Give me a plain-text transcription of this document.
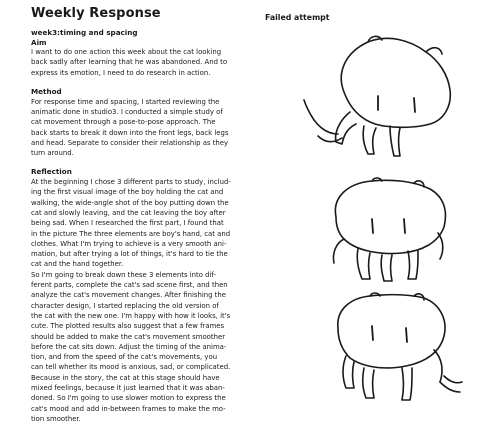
Weekly Response
week3:timing and spacing
Aim
I want to do one action this week about the cat looking
back sadly after learning that he was abandoned. And to
express its emotion, I need to do research in action.
Method
For response time and spacing, I started reviewing the
animatic done in studio3. I conducted a simple study of
cat movement through a pose-to-pose approach. The
back starts to break it down into the front legs, back legs
and head. Separate to consider their relationship as they
turn around.
Reflection
At the beginning I chose 3 different parts to study, includ-
ing the first visual image of the boy holding the cat and
walking, the wide-angle shot of the boy putting down the
cat and slowly leaving, and the cat leaving the boy after
being sad. When I researched the first part, I found that
in the picture The three elements are boy's hand, cat and
clothes. What I'm trying to achieve is a very smooth ani-
mation, but after trying a lot of things, it's hard to tie the
cat and the hand together.
So I'm going to break down these 3 elements into dif-
ferent parts, complete the cat's sad scene first, and then
analyze the cat's movement changes. After finishing the
character design, I started replacing the old version of
the cat with the new one. I'm happy with how it looks, it's
cute. The plotted results also suggest that a few frames
should be added to make the cat's movement smoother
before the cat sits down. Adjust the timing of the anima-
tion, and from the speed of the cat's movements, you
can tell whether its mood is anxious, sad, or complicated.
Because in the story, the cat at this stage should have
mixed feelings, because it just learned that it was aban-
doned. So I'm going to use slower motion to express the
cat's mood and add in-between frames to make the mo-
tion smoother.
Failed attempt
